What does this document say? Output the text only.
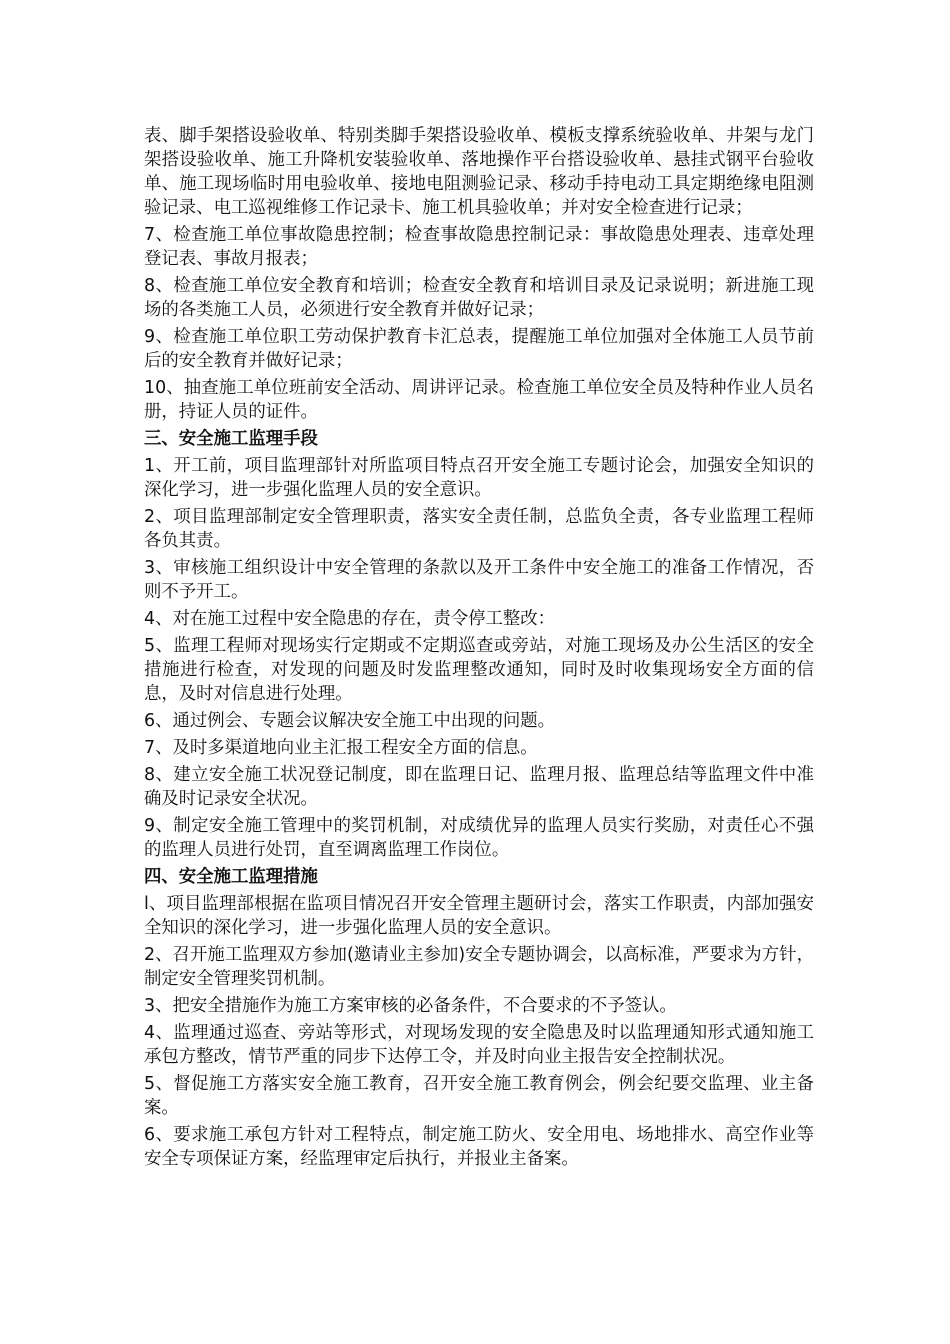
表、脚手架搭设验收单、特别类脚手架搭设验收单、模板支撑系统验收单、井架与龙门架搭设验收单、施工升降机安装验收单、落地操作平台搭设验收单、悬挂式钢平台验收单、施工现场临时用电验收单、接地电阻测验记录、移动手持电动工具定期绝缘电阻测验记录、电工巡视维修工作记录卡、施工机具验收单；并对安全检查进行记录；

7、检查施工单位事故隐患控制；检查事故隐患控制记录：事故隐患处理表、违章处理登记表、事故月报表；

8、检查施工单位安全教育和培训；检查安全教育和培训目录及记录说明；新进施工现场的各类施工人员，必须进行安全教育并做好记录；

9、检查施工单位职工劳动保护教育卡汇总表，提醒施工单位加强对全体施工人员节前后的安全教育并做好记录；

10、抽查施工单位班前安全活动、周讲评记录。检查施工单位安全员及特种作业人员名册，持证人员的证件。

三、安全施工监理手段

1、开工前，项目监理部针对所监项目特点召开安全施工专题讨论会，加强安全知识的深化学习，进一步强化监理人员的安全意识。

2、项目监理部制定安全管理职责，落实安全责任制，总监负全责，各专业监理工程师各负其责。

3、审核施工组织设计中安全管理的条款以及开工条件中安全施工的准备工作情况，否则不予开工。

4、对在施工过程中安全隐患的存在，责令停工整改：

5、监理工程师对现场实行定期或不定期巡查或旁站，对施工现场及办公生活区的安全措施进行检查，对发现的问题及时发监理整改通知，同时及时收集现场安全方面的信息，及时对信息进行处理。

6、通过例会、专题会议解决安全施工中出现的问题。

7、及时多渠道地向业主汇报工程安全方面的信息。

8、建立安全施工状况登记制度，即在监理日记、监理月报、监理总结等监理文件中准确及时记录安全状况。

9、制定安全施工管理中的奖罚机制，对成绩优异的监理人员实行奖励，对责任心不强的监理人员进行处罚，直至调离监理工作岗位。

四、安全施工监理措施

l、项目监理部根据在监项目情况召开安全管理主题研讨会，落实工作职责，内部加强安全知识的深化学习，进一步强化监理人员的安全意识。

2、召开施工监理双方参加(邀请业主参加)安全专题协调会，以高标准，严要求为方针，制定安全管理奖罚机制。

3、把安全措施作为施工方案审核的必备条件，不合要求的不予签认。

4、监理通过巡查、旁站等形式，对现场发现的安全隐患及时以监理通知形式通知施工承包方整改，情节严重的同步下达停工令，并及时向业主报告安全控制状况。

5、督促施工方落实安全施工教育，召开安全施工教育例会，例会纪要交监理、业主备案。

6、要求施工承包方针对工程特点，制定施工防火、安全用电、场地排水、高空作业等安全专项保证方案，经监理审定后执行，并报业主备案。
